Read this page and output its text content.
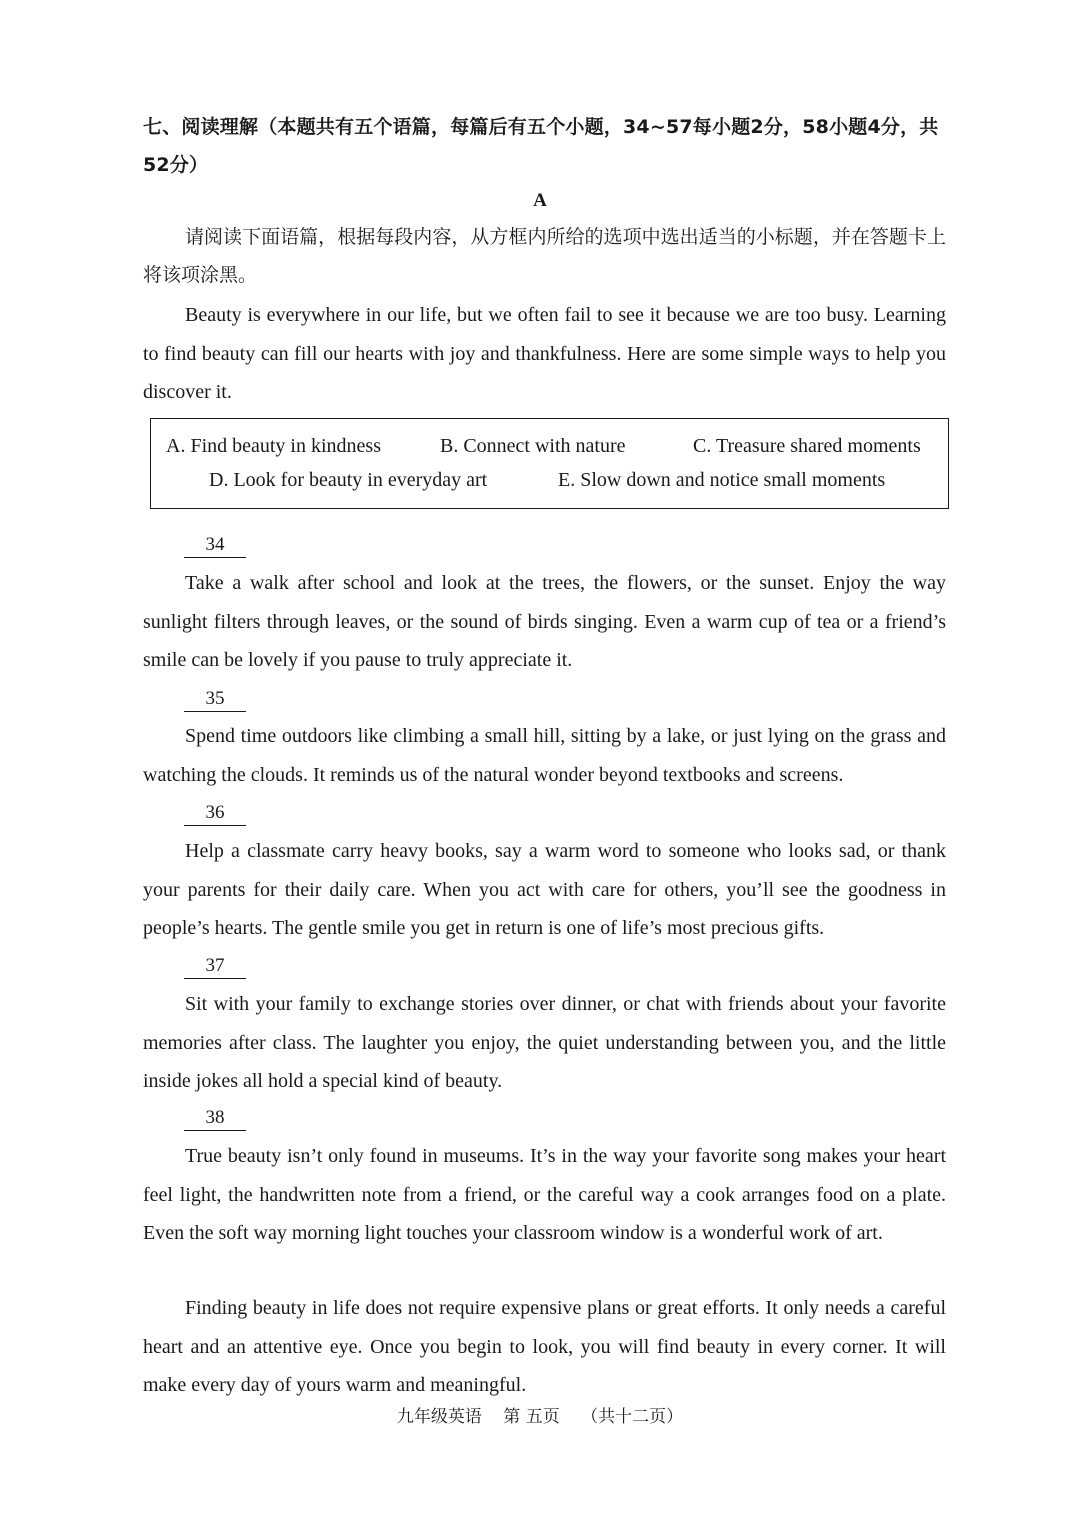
七、阅读理解（本题共有五个语篇，每篇后有五个小题，34~57每小题2分，58小题4分，共52分）
A
请阅读下面语篇，根据每段内容，从方框内所给的选项中选出适当的小标题，并在答题卡上将该项涂黑。
Beauty is everywhere in our life, but we often fail to see it because we are too busy. Learning to find beauty can fill our hearts with joy and thankfulness. Here are some simple ways to help you discover it.
A. Find beauty in kindness	B. Connect with nature	C. Treasure shared moments
D. Look for beauty in everyday art	E. Slow down and notice small moments
34
Take a walk after school and look at the trees, the flowers, or the sunset. Enjoy the way sunlight filters through leaves, or the sound of birds singing. Even a warm cup of tea or a friend’s smile can be lovely if you pause to truly appreciate it.
35
Spend time outdoors like climbing a small hill, sitting by a lake, or just lying on the grass and watching the clouds. It reminds us of the natural wonder beyond textbooks and screens.
36
Help a classmate carry heavy books, say a warm word to someone who looks sad, or thank your parents for their daily care. When you act with care for others, you’ll see the goodness in people’s hearts. The gentle smile you get in return is one of life’s most precious gifts.
37
Sit with your family to exchange stories over dinner, or chat with friends about your favorite memories after class. The laughter you enjoy, the quiet understanding between you, and the little inside jokes all hold a special kind of beauty.
38
True beauty isn’t only found in museums. It’s in the way your favorite song makes your heart feel light, the handwritten note from a friend, or the careful way a cook arranges food on a plate. Even the soft way morning light touches your classroom window is a wonderful work of art.
Finding beauty in life does not require expensive plans or great efforts. It only needs a careful heart and an attentive eye. Once you begin to look, you will find beauty in every corner. It will make every day of yours warm and meaningful.
九年级英语 第 五页 （共十二页）
